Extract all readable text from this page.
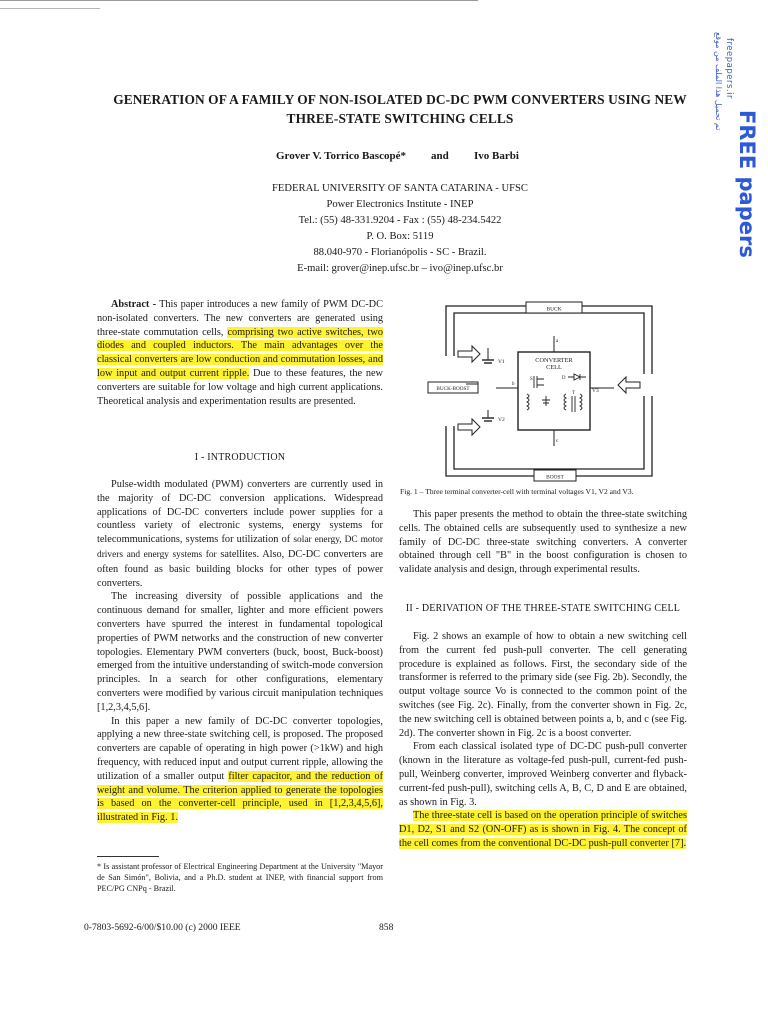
تم تحميل هذا الملف من موقع freepapers.ir
FREE papers
GENERATION OF A FAMILY OF NON-ISOLATED DC-DC PWM CONVERTERS USING NEW
THREE-STATE SWITCHING CELLS
Grover V. Torrico Bascopé* and Ivo Barbi
FEDERAL UNIVERSITY OF SANTA CATARINA - UFSC
Power Electronics Institute - INEP
Tel.: (55) 48-331.9204 - Fax : (55) 48-234.5422
P. O. Box: 5119
88.040-970 - Florianópolis - SC - Brazil.
E-mail: grover@inep.ufsc.br – ivo@inep.ufsc.br

Abstract - This paper introduces a new family of PWM DC-DC non-isolated converters. The new converters are generated using three-state commutation cells, comprising two active switches, two diodes and coupled inductors. The main advantages over the classical converters are low conduction and commutation losses, and low input and output current ripple. Due to these features, the new converters are suitable for low voltage and high current applications. Theoretical analysis and experimentation results are presented.

I - INTRODUCTION

Pulse-width modulated (PWM) converters are currently used in the majority of DC-DC conversion applications. Widespread applications of DC-DC converters include power supplies for a countless variety of electronic systems, energy systems for telecommunications, systems for utilization of solar energy, DC motor drivers and energy systems for satellites. Also, DC-DC converters are often found as basic building blocks for other types of power converters.

The increasing diversity of possible applications and the continuous demand for smaller, lighter and more efficient powers converters have spurred the interest in fundamental topological properties of PWM networks and the construction of new converter topologies. Elementary PWM converters (buck, boost, Buck-boost) emerged from the intuitive understanding of switch-mode conversion principles. In a search for other configurations, elementary converters were modified by various circuit manipulation techniques [1,2,3,4,5,6].

In this paper a new family of DC-DC converter topologies, applying a new three-state switching cell, is proposed. The proposed converters are capable of operating in high power (>1kW) and high frequency, with reduced input and output current ripple, allowing the utilization of a smaller output filter capacitor, and the reduction of weight and volume. The criterion applied to generate the topologies is based on the converter-cell principle, used in [1,2,3,4,5,6], illustrated in Fig. 1.

* Is assistant professor of Electrical Engineering Department at the University "Mayor de San Simón", Bolivia, and a Ph.D. student at INEP, with financial support from PEC/PG CNPq - Brazil.
BUCK
BOOST
BUCK-BOOST
V1
V2
V3
CONVERTER
CELL
a
b
c
S	D
T
Fig. 1 – Three terminal converter-cell with terminal voltages V1, V2 and V3.

This paper presents the method to obtain the three-state switching cells. The obtained cells are subsequently used to synthesize a new family of DC-DC three-state switching converters. A converter obtained through cell "B" in the boost configuration is chosen to validate analysis and design, through experimental results.

II - DERIVATION OF THE THREE-STATE SWITCHING CELL

Fig. 2 shows an example of how to obtain a new switching cell from the current fed push-pull converter. The cell generating procedure is explained as follows. First, the secondary side of the transformer is referred to the primary side (see Fig. 2b). Secondly, the output voltage source Vo is connected to the common point of the switches (see Fig. 2c). Finally, from the converter shown in Fig. 2c, the new switching cell is obtained between points a, b, and c (see Fig. 2d). The converter shown in Fig. 2c is a boost converter.

From each classical isolated type of DC-DC push-pull converter (known in the literature as voltage-fed push-pull, current-fed push-pull, Weinberg converter, improved Weinberg converter and flyback-current-fed push-pull), switching cells A, B, C, D and E are obtained, as shown in Fig. 3.

The three-state cell is based on the operation principle of switches D1, D2, S1 and S2 (ON-OFF) as is shown in Fig. 4. The concept of the cell comes from the conventional DC-DC push-pull converter [7].

0-7803-5692-6/00/$10.00 (c) 2000 IEEE	858
